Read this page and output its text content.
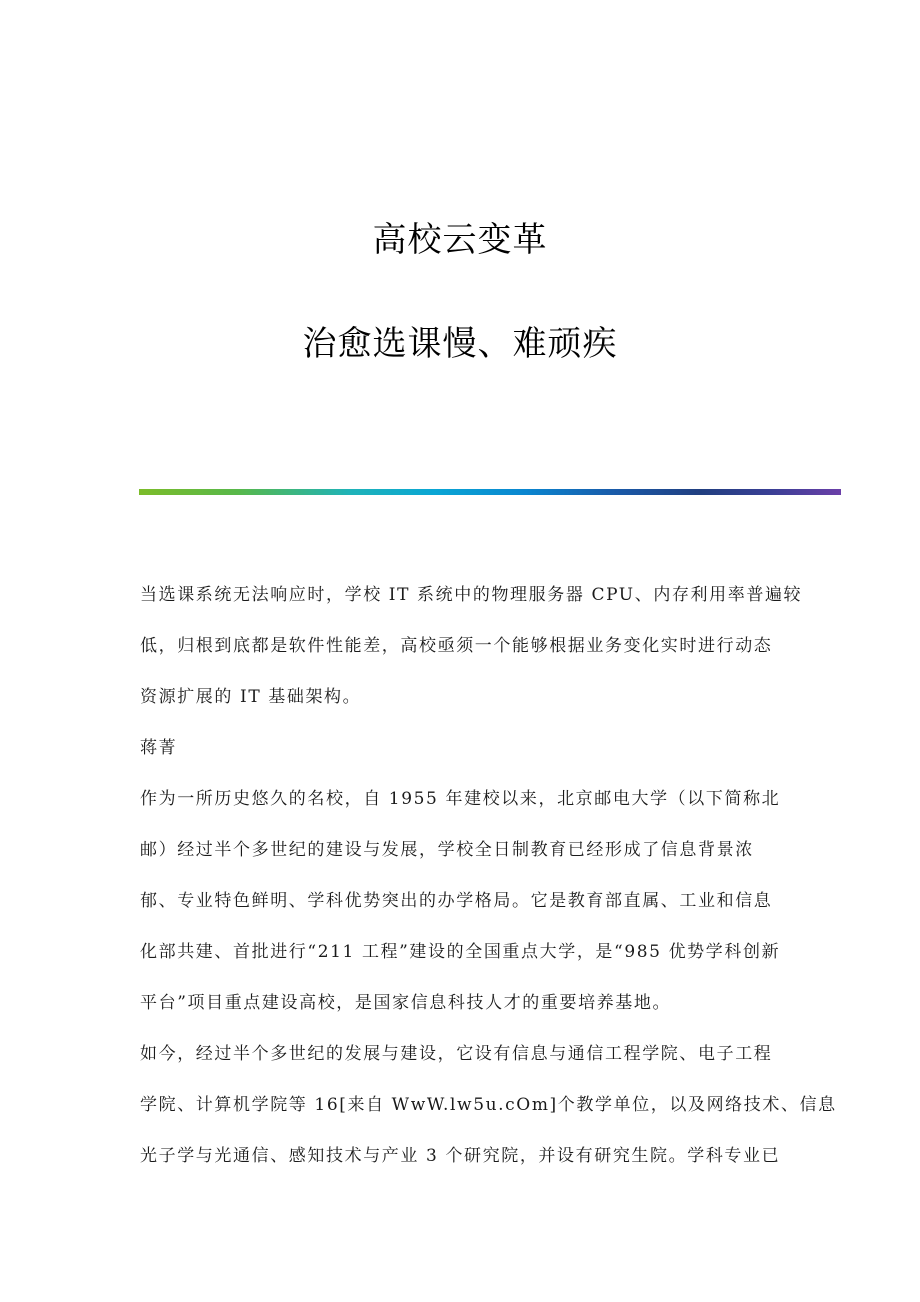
高校云变革
治愈选课慢、难顽疾

当选课系统无法响应时，学校 IT 系统中的物理服务器 CPU、内存利用率普遍较
低，归根到底都是软件性能差，高校亟须一个能够根据业务变化实时进行动态
资源扩展的 IT 基础架构。

蒋菁

作为一所历史悠久的名校，自 1955 年建校以来，北京邮电大学（以下简称北
邮）经过半个多世纪的建设与发展，学校全日制教育已经形成了信息背景浓
郁、专业特色鲜明、学科优势突出的办学格局。它是教育部直属、工业和信息
化部共建、首批进行“211 工程”建设的全国重点大学，是“985 优势学科创新
平台”项目重点建设高校，是国家信息科技人才的重要培养基地。

如今，经过半个多世纪的发展与建设，它设有信息与通信工程学院、电子工程
学院、计算机学院等 16[来自 WwW.lw5u.cOm]个教学单位，以及网络技术、信息
光子学与光通信、感知技术与产业 3 个研究院，并设有研究生院。学科专业已
